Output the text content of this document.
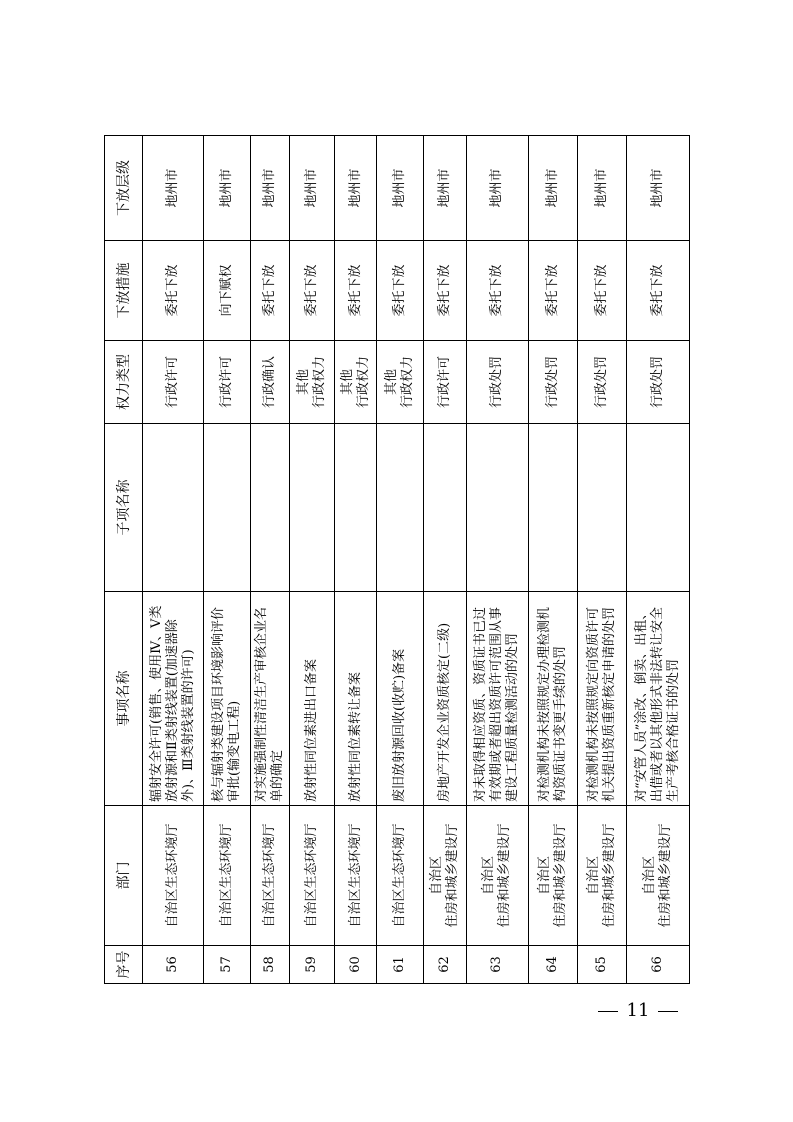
序号	部门	事项名称	子项名称	权力类型	下放措施	下放层级
56	自治区生态环境厅	辐射安全许可(销售、使用Ⅳ、Ⅴ类放射源和Ⅱ类射线装置(加速器除外)、Ⅲ类射线装置的许可)		行政许可	委托下放	地州市
57	自治区生态环境厅	核与辐射类建设项目环境影响评价审批(输变电工程)		行政许可	向下赋权	地州市
58	自治区生态环境厅	对实施强制性清洁生产审核企业名单的确定		行政确认	委托下放	地州市
59	自治区生态环境厅	放射性同位素进出口备案		其他 行政权力	委托下放	地州市
60	自治区生态环境厅	放射性同位素转让备案		其他 行政权力	委托下放	地州市
61	自治区生态环境厅	废旧放射源回收(收贮)备案		其他 行政权力	委托下放	地州市
62	自治区 住房和城乡建设厅	房地产开发企业资质核定(二级)		行政许可	委托下放	地州市
63	自治区 住房和城乡建设厅	对未取得相应资质、资质证书已过有效期或者超出资质许可范围从事建设工程质量检测活动的处罚		行政处罚	委托下放	地州市
64	自治区 住房和城乡建设厅	对检测机构未按照规定办理检测机构资质证书变更手续的处罚		行政处罚	委托下放	地州市
65	自治区 住房和城乡建设厅	对检测机构未按照规定向资质许可机关提出资质重新核定申请的处罚		行政处罚	委托下放	地州市
66	自治区 住房和城乡建设厅	对“安管人员”涂改、倒卖、出租、出借或者以其他形式非法转让安全生产考核合格证书的处罚		行政处罚	委托下放	地州市
11
